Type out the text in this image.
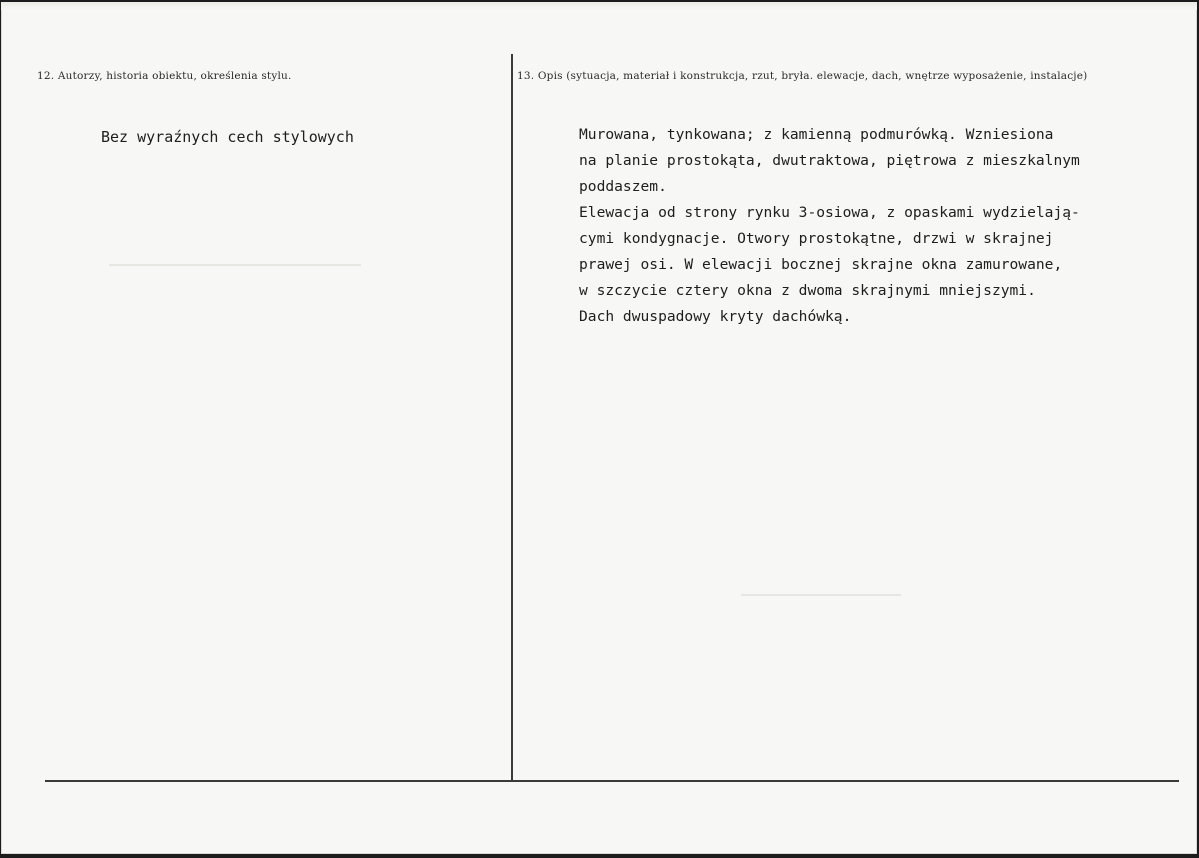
12. Autorzy, historia obiektu, określenia stylu.	13. Opis (sytuacja, materiał i konstrukcja, rzut, bryła. elewacje, dach, wnętrze wyposażenie, instalacje)
Bez wyraźnych cech stylowych	Murowana, tynkowana; z kamienną podmurówką. Wzniesiona
na planie prostokąta, dwutraktowa, piętrowa z mieszkalnym
poddaszem.
Elewacja od strony rynku 3-osiowa, z opaskami wydzielają-
cymi kondygnacje. Otwory prostokątne, drzwi w skrajnej
prawej osi. W elewacji bocznej skrajne okna zamurowane,
w szczycie cztery okna z dwoma skrajnymi mniejszymi.
Dach dwuspadowy kryty dachówką.
